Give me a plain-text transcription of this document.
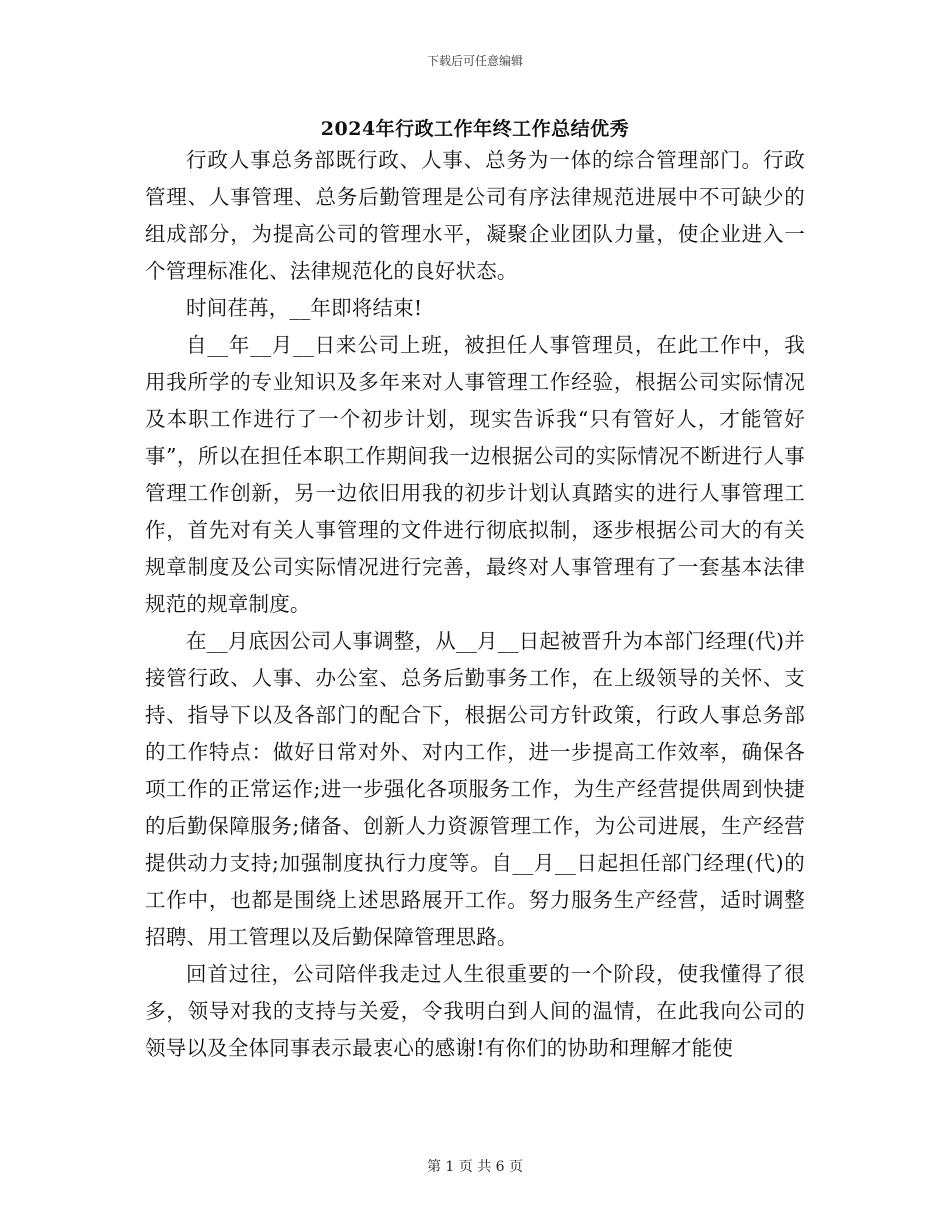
下载后可任意编辑
2024年行政工作年终工作总结优秀

行政人事总务部既行政、人事、总务为一体的综合管理部门。行政管理、人事管理、总务后勤管理是公司有序法律规范进展中不可缺少的组成部分，为提高公司的管理水平，凝聚企业团队力量，使企业进入一个管理标准化、法律规范化的良好状态。

时间荏苒，__年即将结束!

自__年__月__日来公司上班，被担任人事管理员，在此工作中，我用我所学的专业知识及多年来对人事管理工作经验，根据公司实际情况及本职工作进行了一个初步计划，现实告诉我“只有管好人，才能管好事”，所以在担任本职工作期间我一边根据公司的实际情况不断进行人事管理工作创新，另一边依旧用我的初步计划认真踏实的进行人事管理工作，首先对有关人事管理的文件进行彻底拟制，逐步根据公司大的有关规章制度及公司实际情况进行完善，最终对人事管理有了一套基本法律规范的规章制度。

在__月底因公司人事调整，从__月__日起被晋升为本部门经理(代)并接管行政、人事、办公室、总务后勤事务工作，在上级领导的关怀、支持、指导下以及各部门的配合下，根据公司方针政策，行政人事总务部的工作特点：做好日常对外、对内工作，进一步提高工作效率，确保各项工作的正常运作;进一步强化各项服务工作，为生产经营提供周到快捷的后勤保障服务;储备、创新人力资源管理工作，为公司进展，生产经营提供动力支持;加强制度执行力度等。自__月__日起担任部门经理(代)的工作中，也都是围绕上述思路展开工作。努力服务生产经营，适时调整招聘、用工管理以及后勤保障管理思路。

回首过往，公司陪伴我走过人生很重要的一个阶段，使我懂得了很多，领导对我的支持与关爱，令我明白到人间的温情，在此我向公司的领导以及全体同事表示最衷心的感谢!有你们的协助和理解才能使

第 1 页 共 6 页
